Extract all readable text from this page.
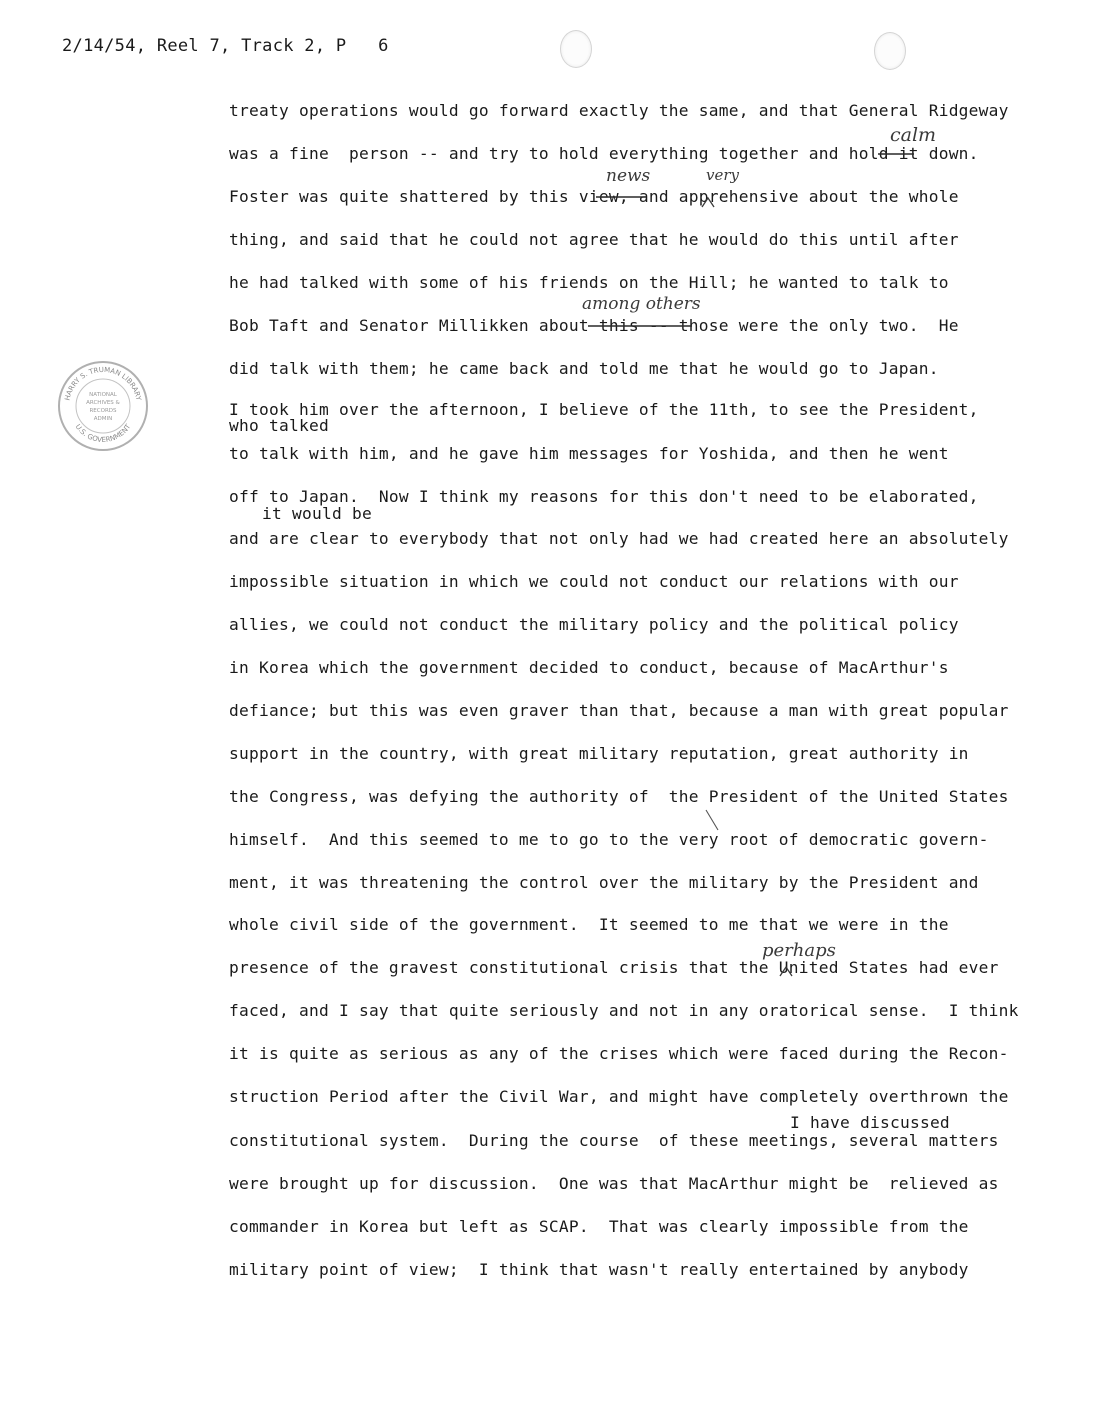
2/14/54, Reel 7, Track 2, P 6
HARRY S. TRUMAN LIBRARY
U.S. GOVERNMENT
NATIONAL
ARCHIVES &
RECORDS
ADMIN
calm
news	very
among others
who talked
it would be
perhaps
I have discussed
treaty operations would go forward exactly the same, and that General Ridgeway
was a fine  person -- and try to hold everything together and hold it down.
Foster was quite shattered by this view, and apprehensive about the whole
thing, and said that he could not agree that he would do this until after
he had talked with some of his friends on the Hill; he wanted to talk to
Bob Taft and Senator Millikken about this -- those were the only two.  He
did talk with them; he came back and told me that he would go to Japan.
I took him over the afternoon, I believe of the 11th, to see the President,
to talk with him, and he gave him messages for Yoshida, and then he went
off to Japan.  Now I think my reasons for this don't need to be elaborated,
and are clear to everybody that not only had we had created here an absolutely
impossible situation in which we could not conduct our relations with our
allies, we could not conduct the military policy and the political policy
in Korea which the government decided to conduct, because of MacArthur's
defiance; but this was even graver than that, because a man with great popular
support in the country, with great military reputation, great authority in
the Congress, was defying the authority of  the President of the United States
himself.  And this seemed to me to go to the very root of democratic govern-
ment, it was threatening the control over the military by the President and
whole civil side of the government.  It seemed to me that we were in the
presence of the gravest constitutional crisis that the United States had ever
faced, and I say that quite seriously and not in any oratorical sense.  I think
it is quite as serious as any of the crises which were faced during the Recon-
struction Period after the Civil War, and might have completely overthrown the
constitutional system.  During the course  of these meetings, several matters
were brought up for discussion.  One was that MacArthur might be  relieved as
commander in Korea but left as SCAP.  That was clearly impossible from the
military point of view;  I think that wasn't really entertained by anybody
